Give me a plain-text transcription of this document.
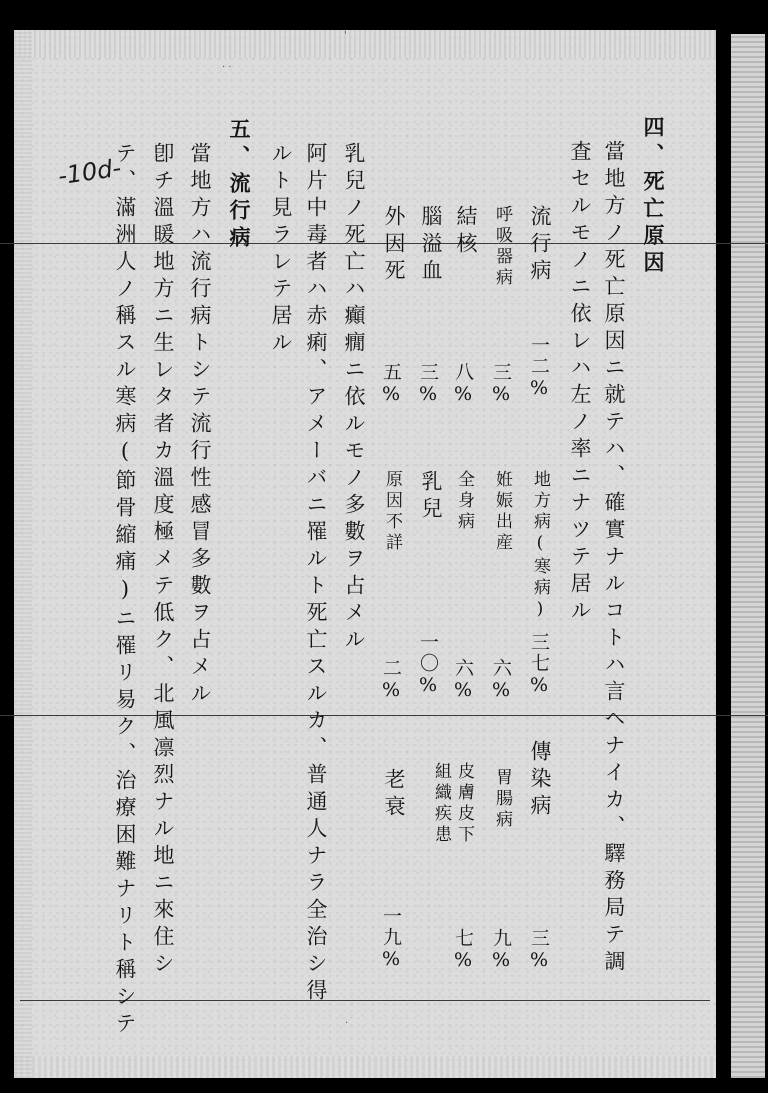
· ·
'
·
-10d-	四、死亡原因
當地方ノ死亡原因ニ就テハ、確實ナルコトハ言ヘナイカ、驛務局テ調
査セルモノニ依レハ左ノ率ニナツテ居ル
流行病
一二%
地方病(寒病)
三七%
傳染病
三%
呼吸器病
三%
姙娠出産
六%
胃腸病
九%
結核
八%
全身病
六%
皮膚皮下
七%
腦溢血
三%
乳兒
一〇%
組織疾患
外因死
五%
原因不詳
二%
老衰
一九%
乳兒ノ死亡ハ癲癇ニ依ルモノ多數ヲ占メル
阿片中毒者ハ赤痢、アメーバニ罹ルト死亡スルカ、普通人ナラ全治シ得
ルト見ラレテ居ル
五、流行病
當地方ハ流行病トシテ流行性感冒多數ヲ占メル
卽チ溫暖地方ニ生レタ者カ溫度極メテ低ク、北風凛烈ナル地ニ來住シ
テ、滿洲人ノ稱スル寒病(節骨縮痛)ニ罹リ易ク、治療困難ナリト稱シテ
